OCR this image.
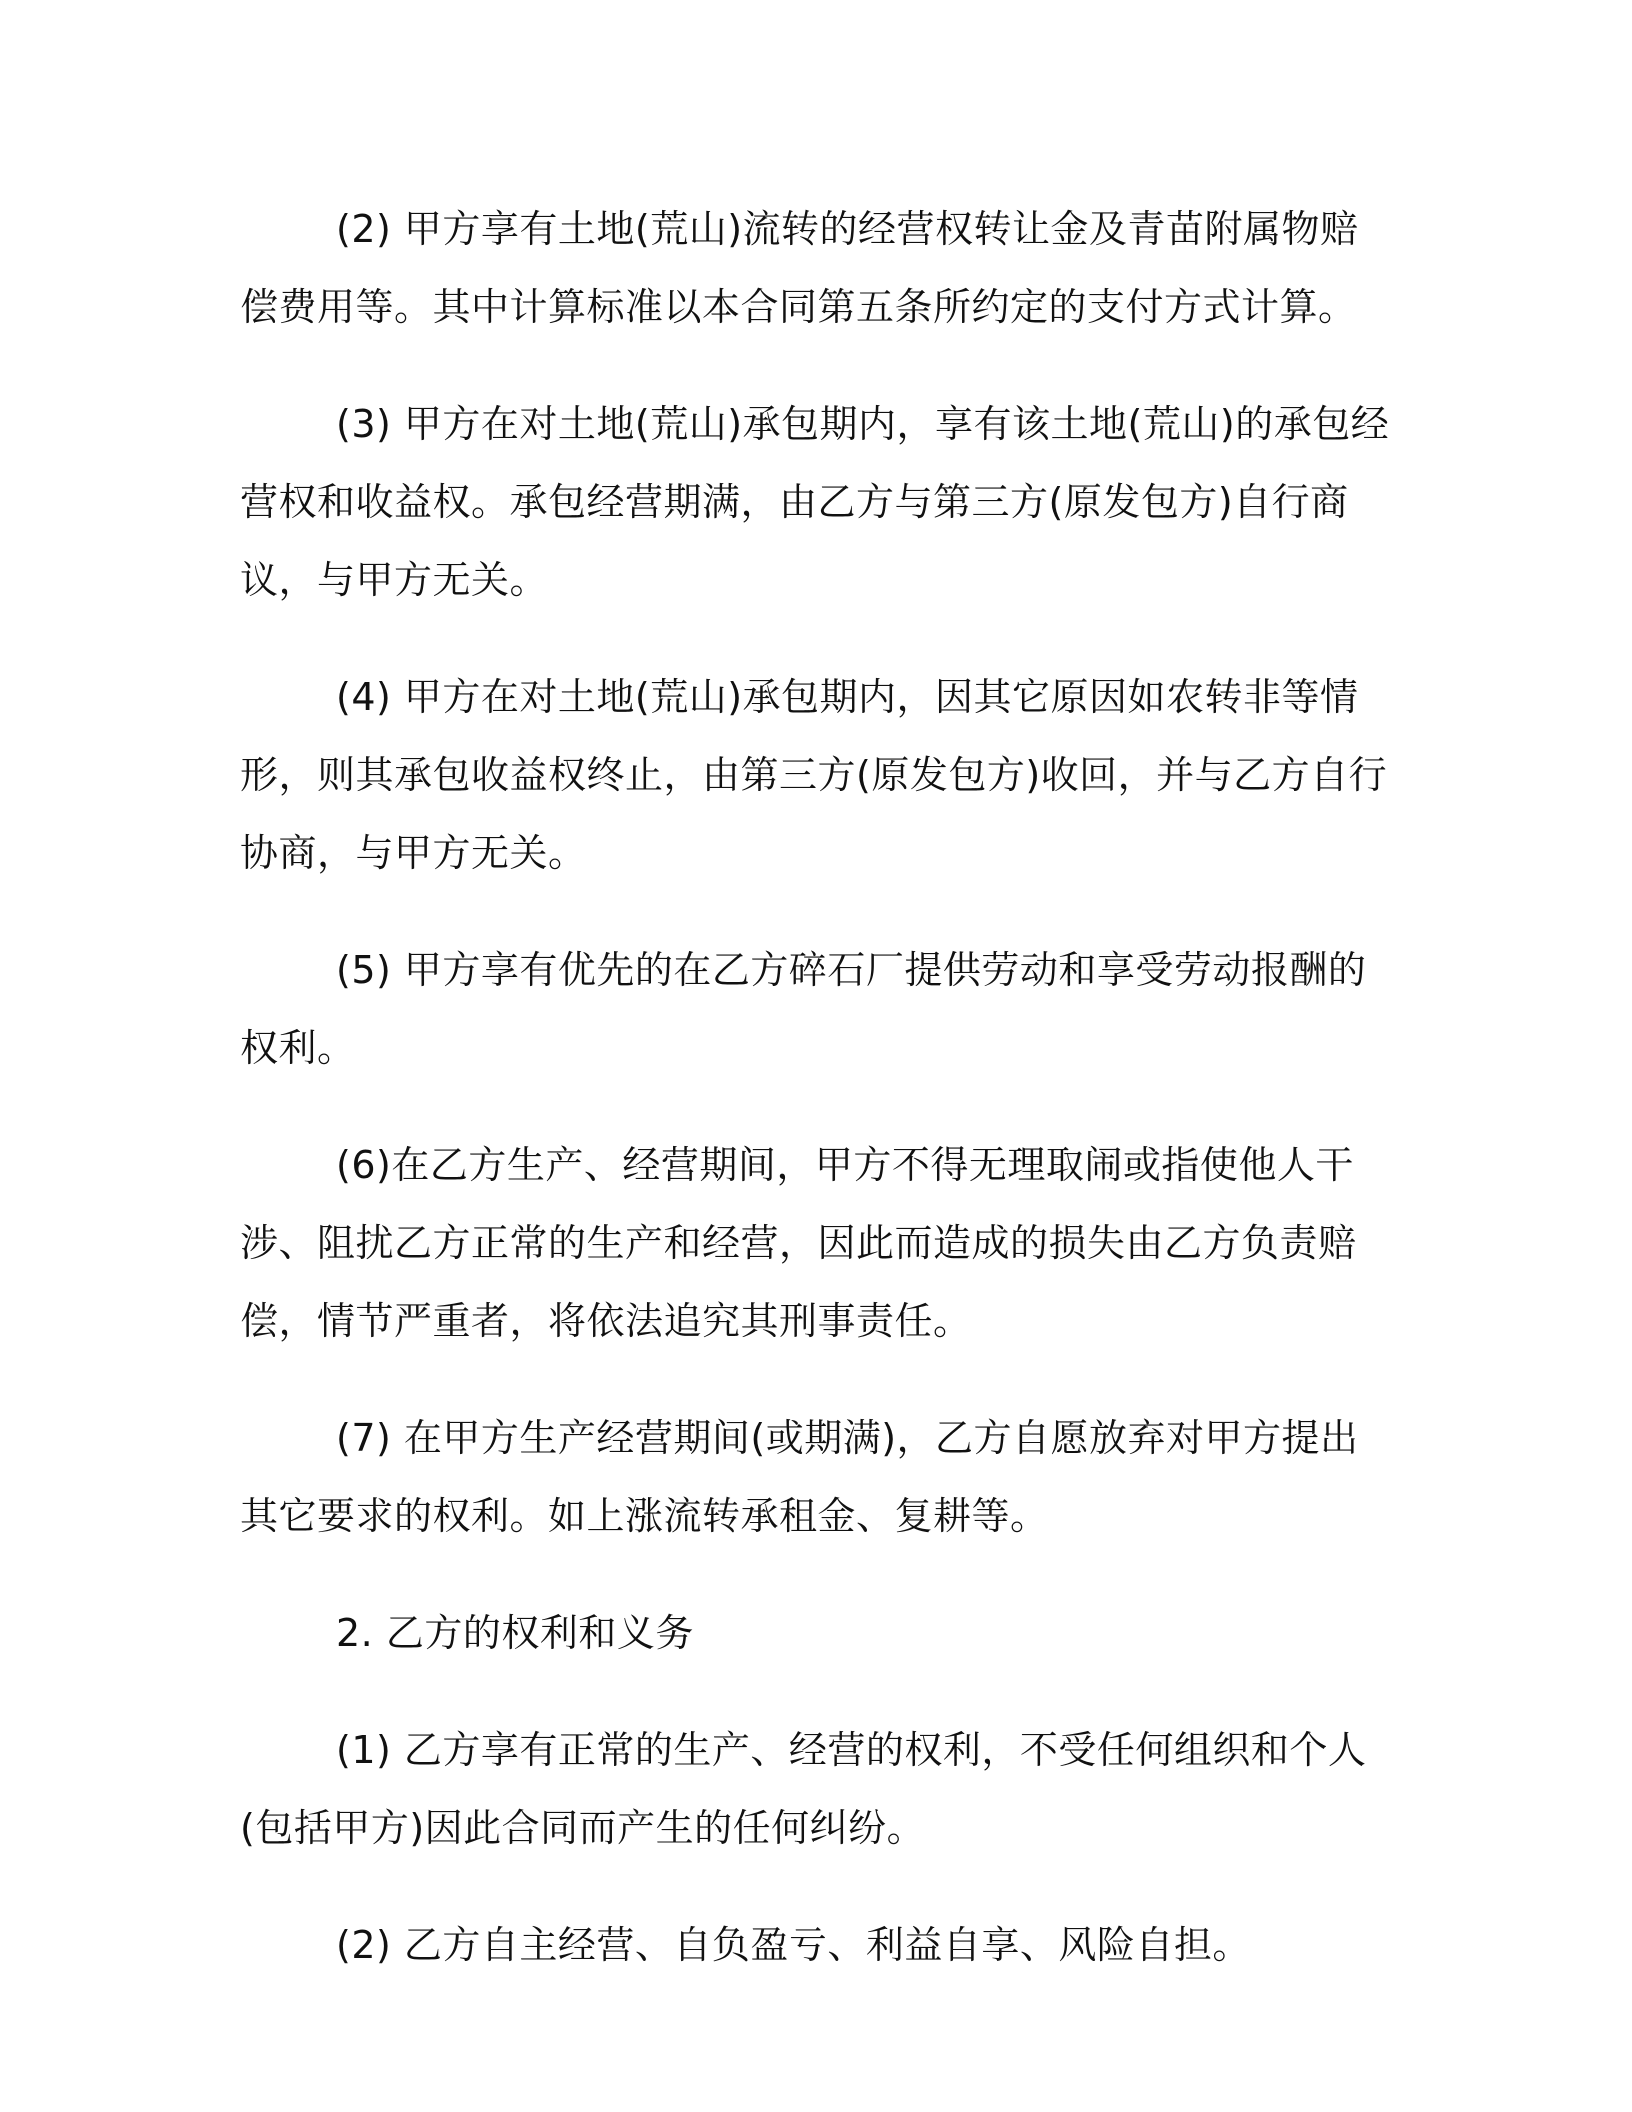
(2) 甲方享有土地(荒山)流转的经营权转让金及青苗附属物赔偿费用等。其中计算标准以本合同第五条所约定的支付方式计算。

(3) 甲方在对土地(荒山)承包期内，享有该土地(荒山)的承包经营权和收益权。承包经营期满，由乙方与第三方(原发包方)自行商议，与甲方无关。

(4) 甲方在对土地(荒山)承包期内，因其它原因如农转非等情形，则其承包收益权终止，由第三方(原发包方)收回，并与乙方自行协商，与甲方无关。

(5) 甲方享有优先的在乙方碎石厂提供劳动和享受劳动报酬的权利。

(6)在乙方生产、经营期间，甲方不得无理取闹或指使他人干涉、阻扰乙方正常的生产和经营，因此而造成的损失由乙方负责赔偿，情节严重者，将依法追究其刑事责任。

(7) 在甲方生产经营期间(或期满)，乙方自愿放弃对甲方提出其它要求的权利。如上涨流转承租金、复耕等。

2. 乙方的权利和义务

(1) 乙方享有正常的生产、经营的权利，不受任何组织和个人(包括甲方)因此合同而产生的任何纠纷。

(2) 乙方自主经营、自负盈亏、利益自享、风险自担。
